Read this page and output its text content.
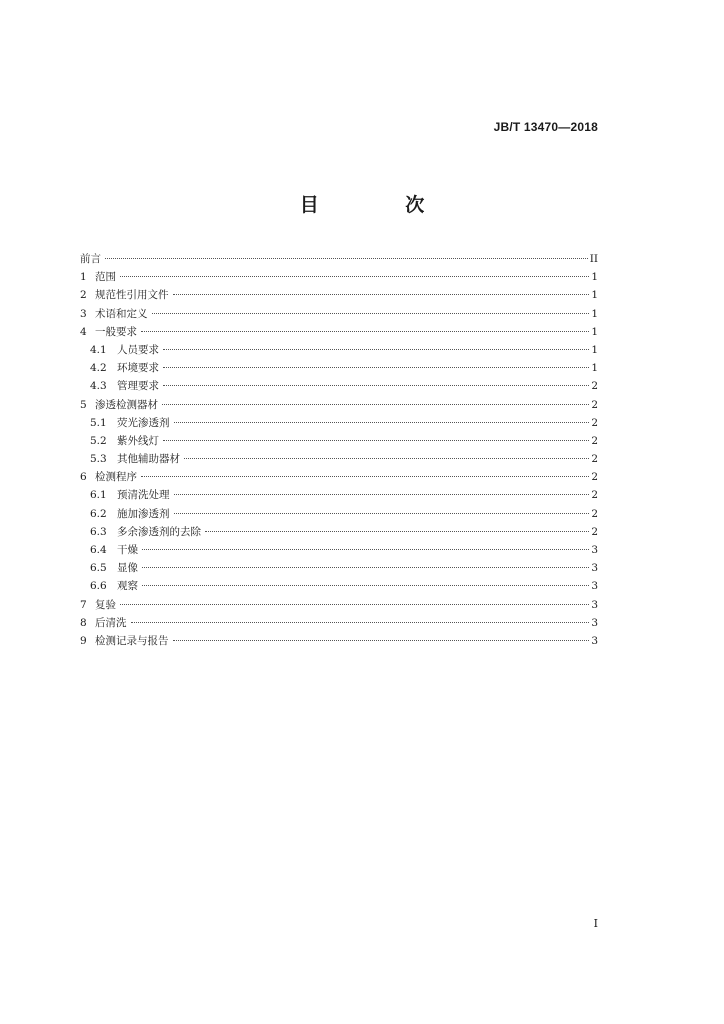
JB/T 13470—2018
目 次
前言	II
1 范围	1
2 规范性引用文件	1
3 术语和定义	1
4 一般要求	1
4.1 人员要求	1
4.2 环境要求	1
4.3 管理要求	2
5 渗透检测器材	2
5.1 荧光渗透剂	2
5.2 紫外线灯	2
5.3 其他辅助器材	2
6 检测程序	2
6.1 预清洗处理	2
6.2 施加渗透剂	2
6.3 多余渗透剂的去除	2
6.4 干燥	3
6.5 显像	3
6.6 观察	3
7 复验	3
8 后清洗	3
9 检测记录与报告	3
I
